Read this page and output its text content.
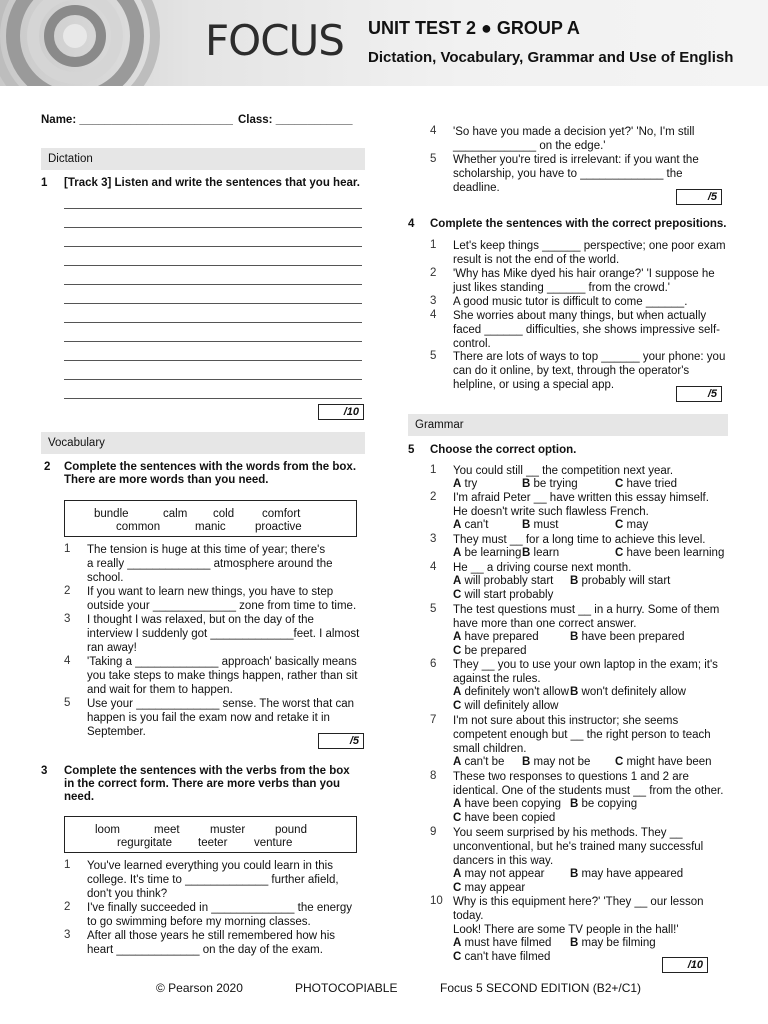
FOCUS UNIT TEST 2 ● GROUP A
Dictation, Vocabulary, Grammar and Use of English
Name: ________________________ Class: ____________
Dictation
1 [Track 3] Listen and write the sentences that you hear.
/10
Vocabulary
2 Complete the sentences with the words from the box.
There are more words than you need.
bundle	calm cold comfort
common	manic	proactive
1	The tension is huge at this time of year; there's
a really _____________ atmosphere around the
school.
2	If you want to learn new things, you have to step
outside your _____________ zone from time to time.
3	I thought I was relaxed, but on the day of the
interview I suddenly got _____________feet. I almost
ran away!
4	'Taking a _____________ approach' basically means
you take steps to make things happen, rather than sit
and wait for them to happen.
5	Use your _____________ sense. The worst that can
happen is you fail the exam now and retake it in
September.
/5
3 Complete the sentences with the verbs from the box
in the correct form. There are more verbs than you
need.
loom	meet	muster	pound
regurgitate teeter venture
1	You've learned everything you could learn in this
college. It's time to _____________ further afield,
don't you think?
2	I've finally succeeded in _____________ the energy
to go swimming before my morning classes.
3	After all those years he still remembered how his
heart _____________ on the day of the exam.
4	'So have you made a decision yet?' 'No, I'm still
_____________ on the edge.'
5	Whether you're tired is irrelevant: if you want the
scholarship, you have to _____________ the
deadline.
/5
4 Complete the sentences with the correct prepositions.
1	Let's keep things ______ perspective; one poor exam
result is not the end of the world.
2	'Why has Mike dyed his hair orange?' 'I suppose he
just likes standing ______ from the crowd.'
3	A good music tutor is difficult to come ______.
4	She worries about many things, but when actually
faced ______ difficulties, she shows impressive self-
control.
5	There are lots of ways to top ______ your phone: you
can do it online, by text, through the operator's
helpline, or using a special app.
/5
Grammar
5 Choose the correct option.
1	You could still __ the competition next year.
A try	B be trying	C have tried
2	I'm afraid Peter __ have written this essay himself.
He doesn't write such flawless French.
A can't	B must	C may
3	They must __ for a long time to achieve this level.
A be learning B learn	C have been learning
4	He __ a driving course next month.
A will probably start B probably will start
C will start probably
5	The test questions must __ in a hurry. Some of them
have more than one correct answer.
A have prepared	B have been prepared
C be prepared
6	They __ you to use your own laptop in the exam; it's
against the rules.
A definitely won't allow B won't definitely allow
C will definitely allow
7	I'm not sure about this instructor; she seems
competent enough but __ the right person to teach
small children.
A can't be B may not be C might have been
8	These two responses to questions 1 and 2 are
identical. One of the students must __ from the other.
A have been copying B be copying
C have been copied
9	You seem surprised by his methods. They __
unconventional, but he's trained many successful
dancers in this way.
A may not appear B may have appeared
C may appear
10 Why is this equipment here?' 'They __ our lesson
today.
Look! There are some TV people in the hall!'
A must have filmed B may be filming
C can't have filmed
/10
© Pearson 2020	PHOTOCOPIABLE	Focus 5 SECOND EDITION (B2+/C1)
